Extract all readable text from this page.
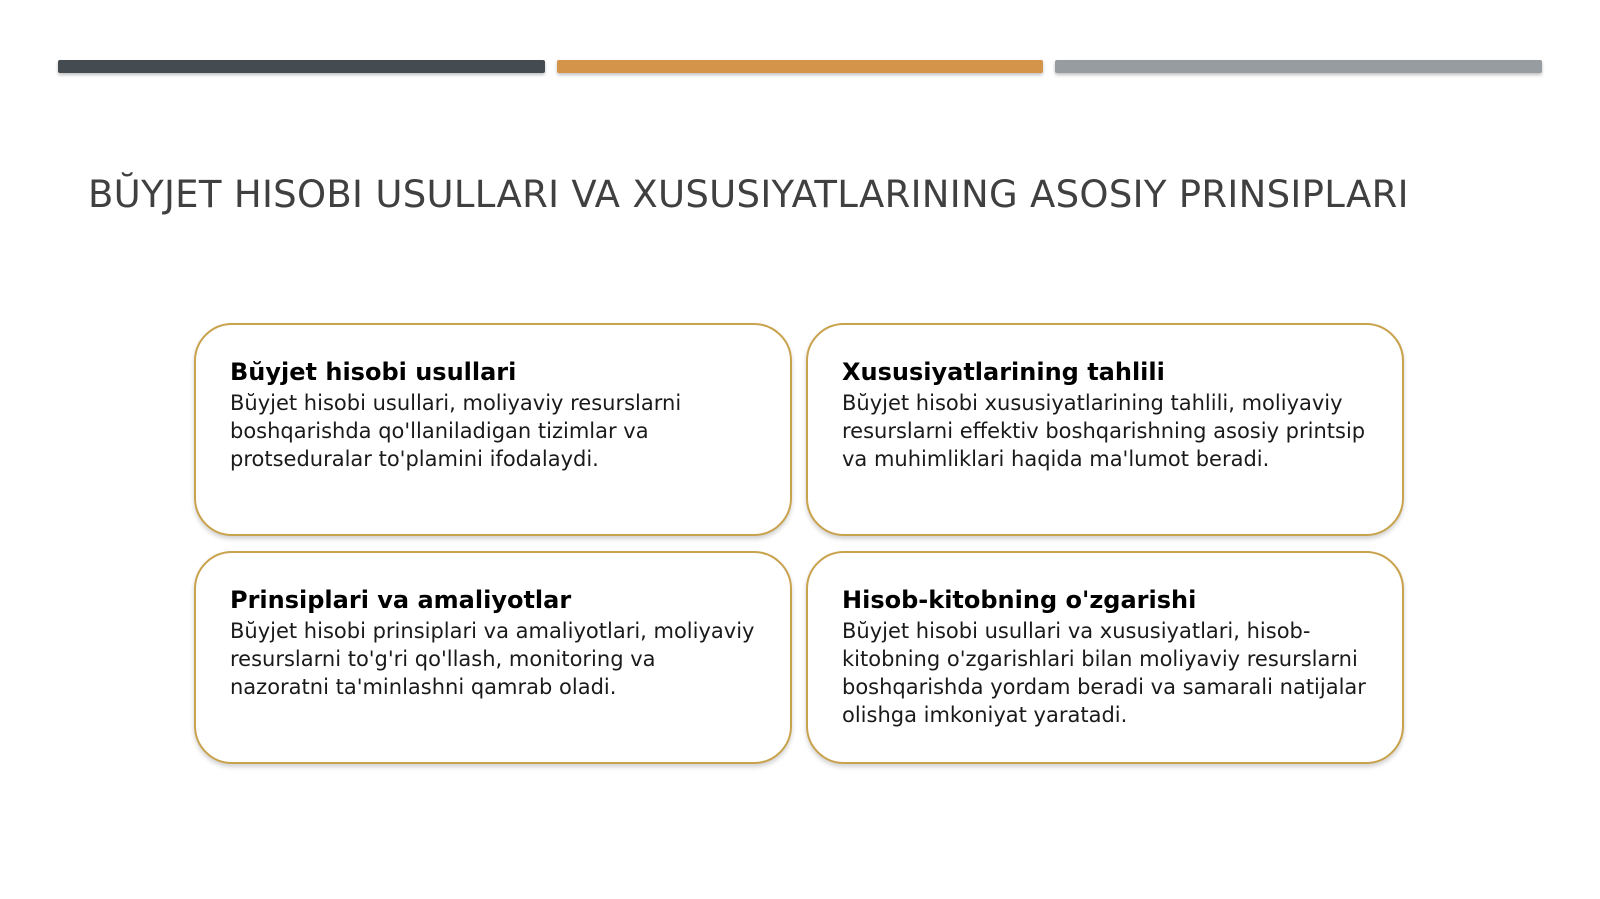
BŬYJET HISOBI USULLARI VA XUSUSIYATLARINING ASOSIY PRINSIPLARI

Bŭyjet hisobi usullari

Bŭyjet hisobi usullari, moliyaviy resurslarni boshqarishda qo'llaniladigan tizimlar va protseduralar to'plamini ifodalaydi.

Xususiyatlarining tahlili

Bŭyjet hisobi xususiyatlarining tahlili, moliyaviy resurslarni effektiv boshqarishning asosiy printsip va muhimliklari haqida ma'lumot beradi.

Prinsiplari va amaliyotlar

Bŭyjet hisobi prinsiplari va amaliyotlari, moliyaviy resurslarni to'g'ri qo'llash, monitoring va nazoratni ta'minlashni qamrab oladi.

Hisob-kitobning o'zgarishi

Bŭyjet hisobi usullari va xususiyatlari, hisob-kitobning o'zgarishlari bilan moliyaviy resurslarni boshqarishda yordam beradi va samarali natijalar olishga imkoniyat yaratadi.
